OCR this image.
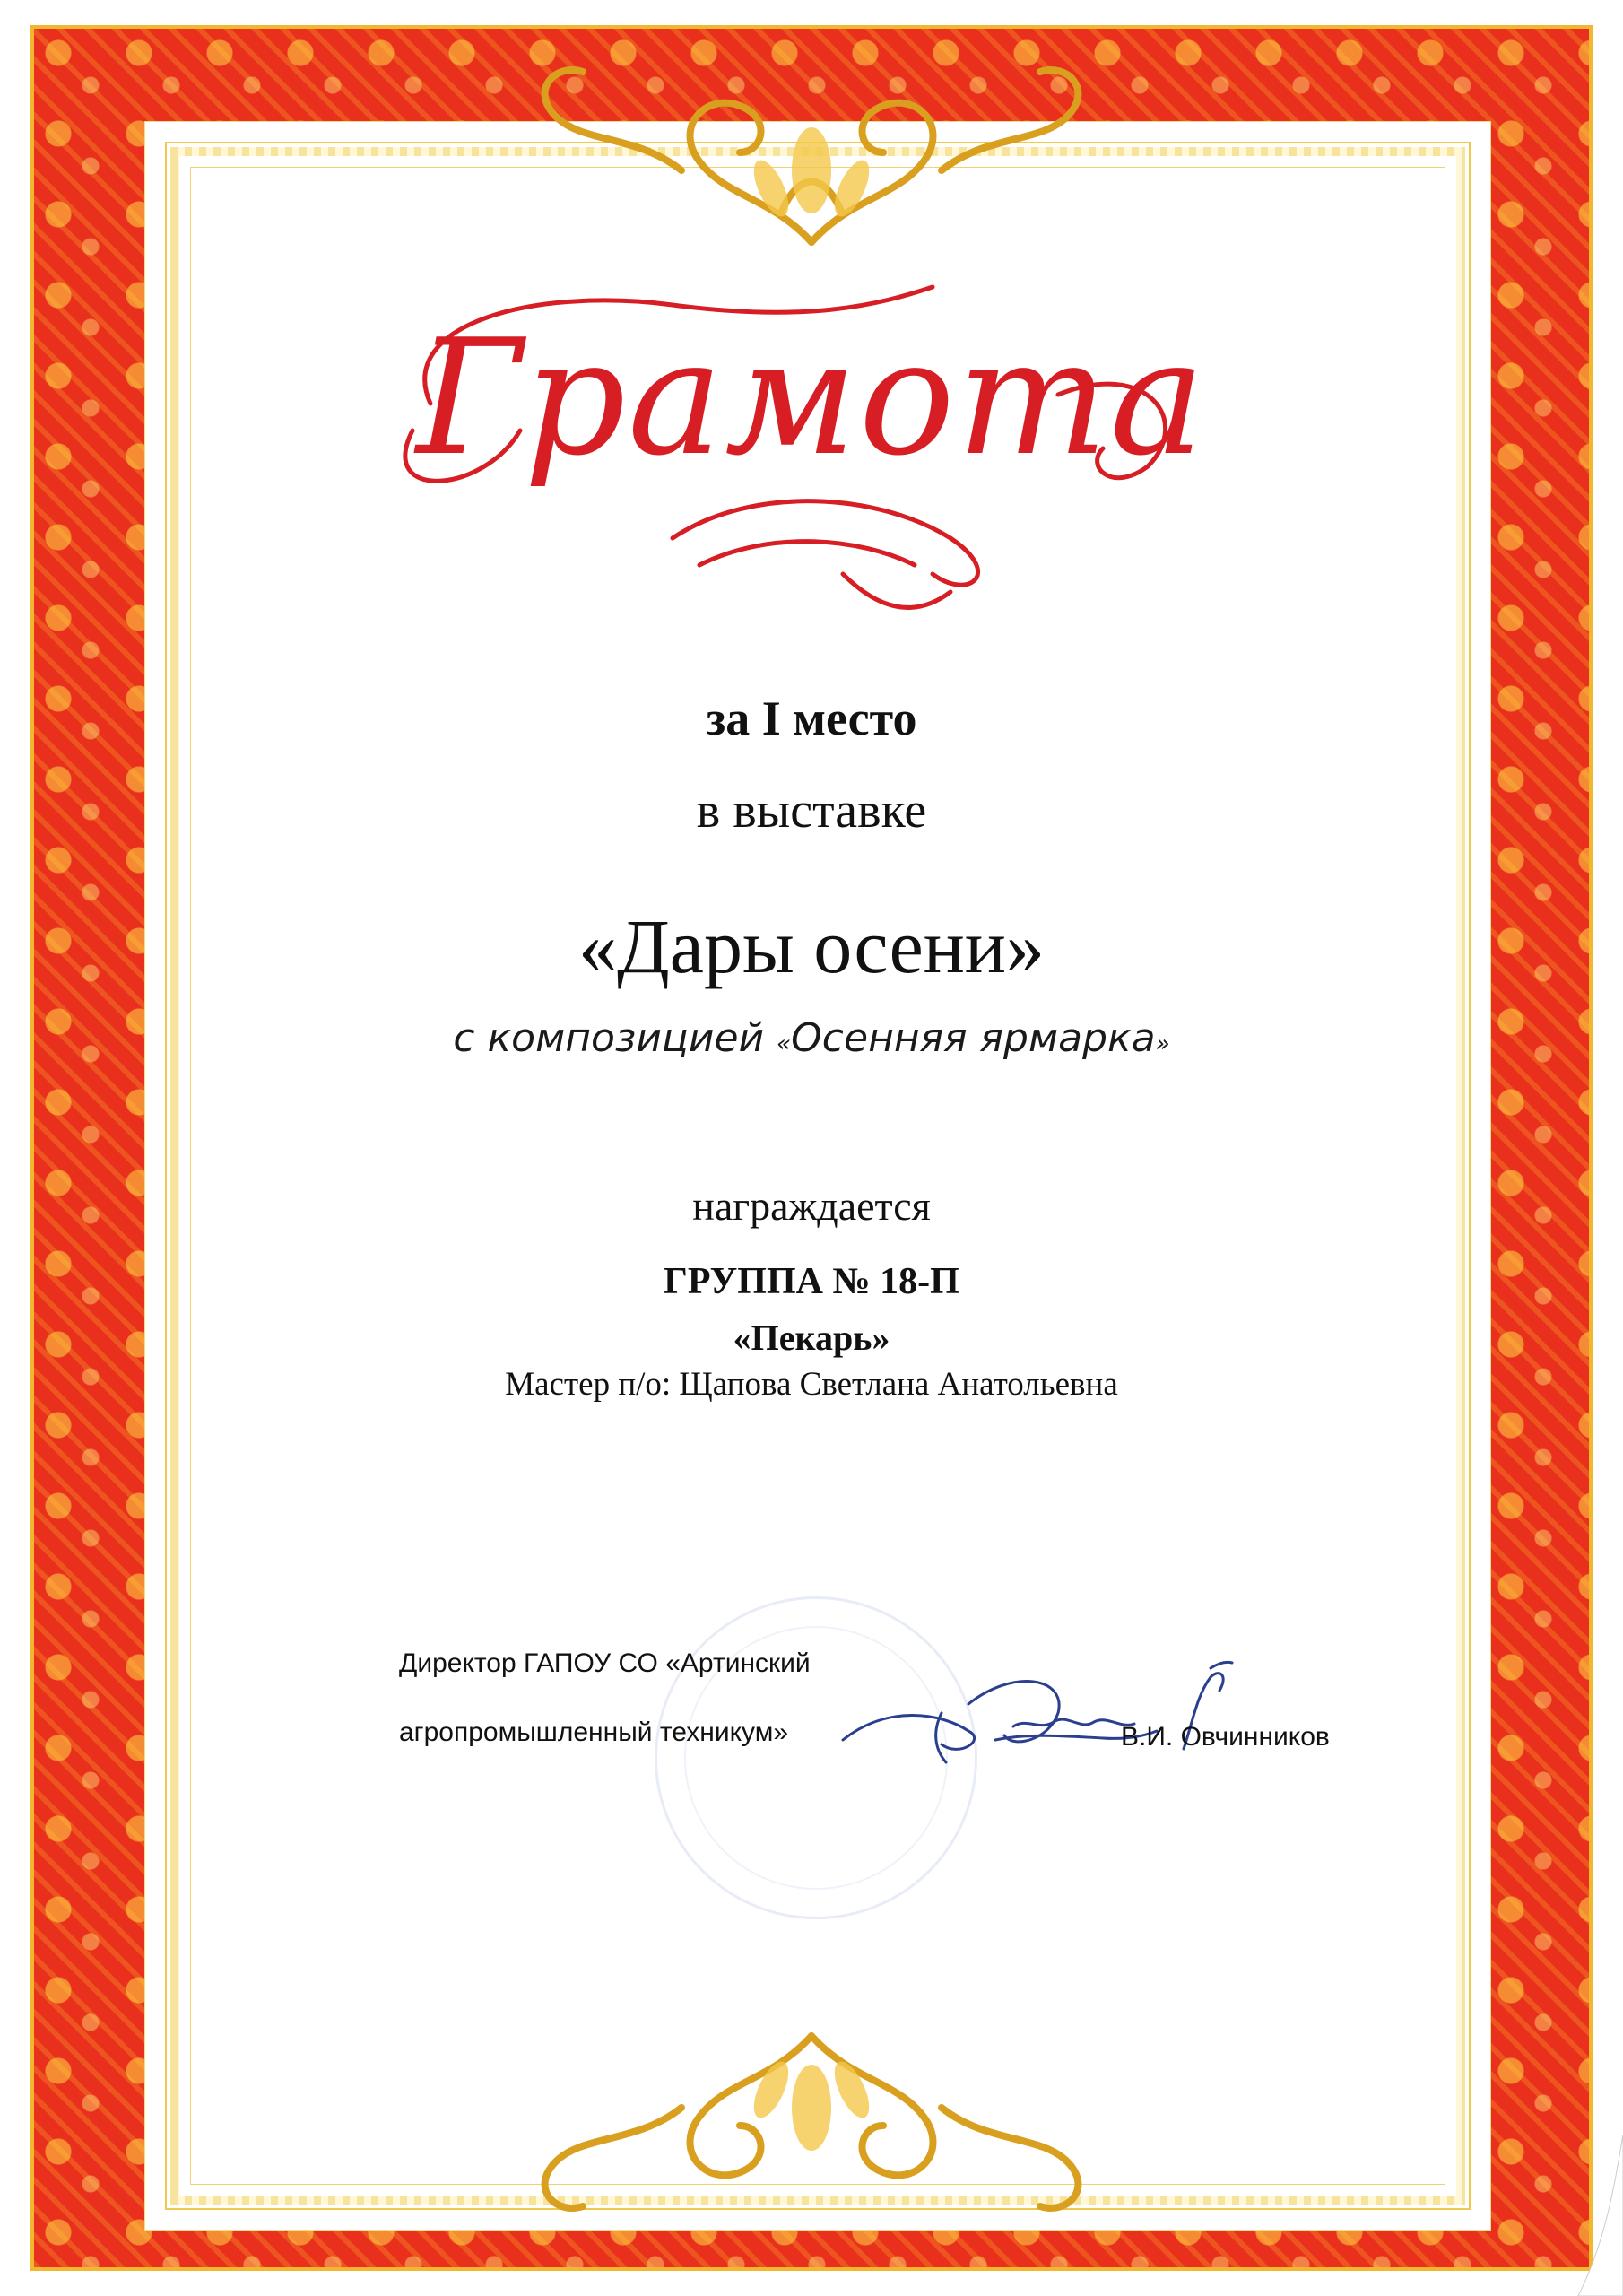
Грамота
за I место
в выставке
«Дары осени»
с композицией «Осенняя ярмарка»
награждается
ГРУППА № 18-П
«Пекарь»
Мастер п/о: Щапова Светлана Анатольевна
Директор ГАПОУ СО «Артинский
агропромышленный техникум»	В.И. Овчинников
